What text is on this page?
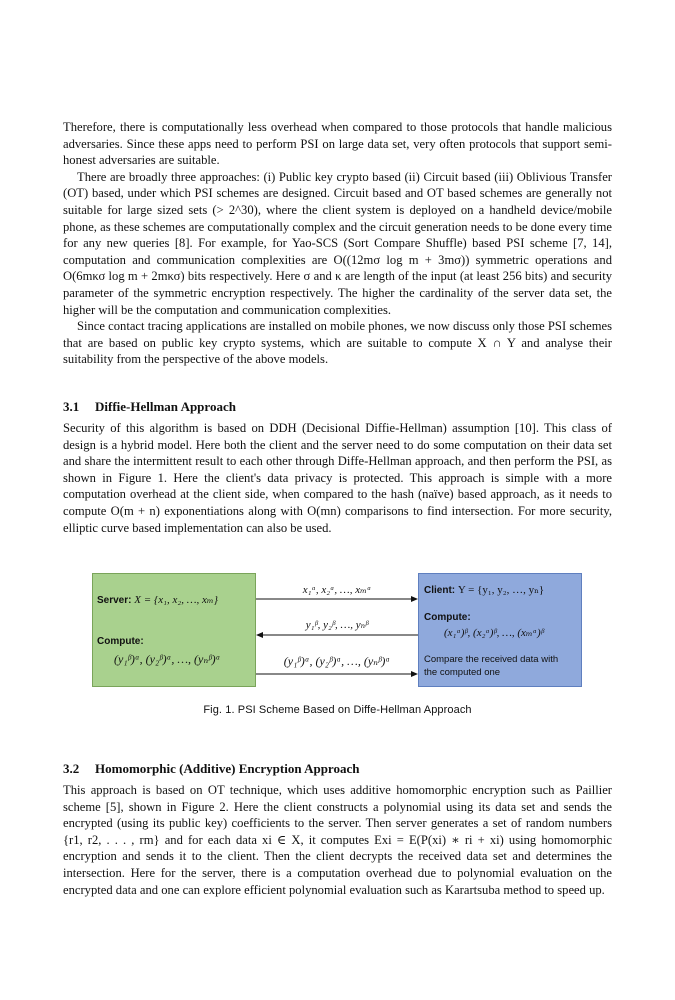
Therefore, there is computationally less overhead when compared to those protocols that handle malicious adversaries. Since these apps need to perform PSI on large data set, very often protocols that support semi-honest adversaries are suitable.

There are broadly three approaches: (i) Public key crypto based (ii) Circuit based (iii) Oblivious Transfer (OT) based, under which PSI schemes are designed. Circuit based and OT based schemes are generally not suitable for large sized sets (> 2^30), where the client system is deployed on a handheld device/mobile phone, as these schemes are computationally complex and the circuit generation needs to be done every time for any new queries [8]. For example, for Yao-SCS (Sort Compare Shuffle) based PSI scheme [7, 14], computation and communication complexities are O((12mσ log m + 3mσ)) symmetric operations and O(6mκσ log m + 2mκσ) bits respectively. Here σ and κ are length of the input (at least 256 bits) and security parameter of the symmetric encryption respectively. The higher the cardinality of the server data set, the higher will be the computation and communication complexities.

Since contact tracing applications are installed on mobile phones, we now discuss only those PSI schemes that are based on public key crypto systems, which are suitable to compute X ∩ Y and analyse their suitability from the perspective of the above models.

3.1 Diffie-Hellman Approach

Security of this algorithm is based on DDH (Decisional Diffie-Hellman) assumption [10]. This class of design is a hybrid model. Here both the client and the server need to do some computation on their data set and share the intermittent result to each other through Diffe-Hellman approach, and then perform the PSI, as shown in Figure 1. Here the client's data privacy is protected. This approach is simple with a more computation overhead at the client side, when compared to the hash (naïve) based approach, as it needs to compute O(m + n) exponentiations along with O(mn) comparisons to find intersection. For more security, elliptic curve based implementation can also be used.

Server: X = {x₁, x₂, …, xₘ}
Compute:
(y₁ᵝ)ᵅ, (y₂ᵝ)ᵅ, …, (yₙᵝ)ᵅ
x₁ᵅ, x₂ᵅ, …, xₘᵅ
y₁ᵝ, y₂ᵝ, …, yₙᵝ
(y₁ᵝ)ᵅ, (y₂ᵝ)ᵅ, …, (yₙᵝ)ᵅ
Client: Y = {y₁, y₂, …, yₙ}
Compute:
(x₁ᵅ)ᵝ, (x₂ᵅ)ᵝ, …, (xₘᵅ)ᵝ
Compare the received data with
the computed one
Fig. 1. PSI Scheme Based on Diffe-Hellman Approach
3.2 Homomorphic (Additive) Encryption Approach

This approach is based on OT technique, which uses additive homomorphic encryption such as Paillier scheme [5], shown in Figure 2. Here the client constructs a polynomial using its data set and sends the encrypted (using its public key) coefficients to the server. Then server generates a set of random numbers {r1, r2, . . . , rm} and for each data xi ∈ X, it computes Exi = E(P(xi) ∗ ri + xi) using homomorphic encryption and sends it to the client. Then the client decrypts the received data set and determines the intersection. Here for the server, there is a computation overhead due to polynomial evaluation on the encrypted data and one can explore efficient polynomial evaluation such as Karartsuba method to speed up.
